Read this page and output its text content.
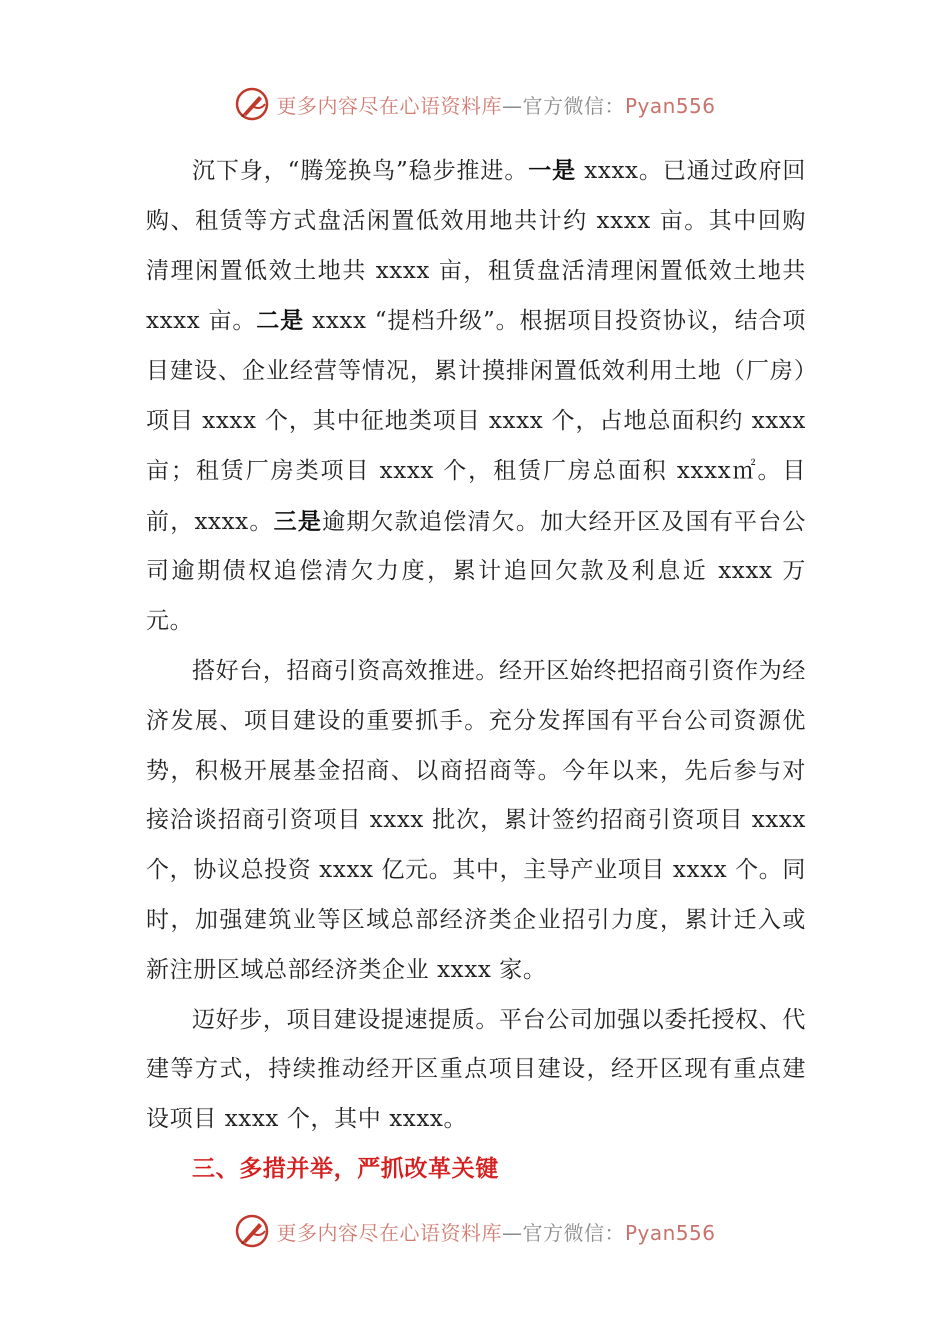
更多内容尽在心语资料库—官方微信：Pyan556

沉下身，“腾笼换鸟”稳步推进。一是 xxxx。已通过政府回购、租赁等方式盘活闲置低效用地共计约 xxxx 亩。其中回购清理闲置低效土地共 xxxx 亩，租赁盘活清理闲置低效土地共 xxxx 亩。二是 xxxx “提档升级”。根据项目投资协议，结合项目建设、企业经营等情况，累计摸排闲置低效利用土地（厂房）项目 xxxx 个，其中征地类项目 xxxx 个，占地总面积约 xxxx 亩；租赁厂房类项目 xxxx 个，租赁厂房总面积 xxxx㎡。目前，xxxx。三是逾期欠款追偿清欠。加大经开区及国有平台公司逾期债权追偿清欠力度，累计追回欠款及利息近 xxxx 万元。

搭好台，招商引资高效推进。经开区始终把招商引资作为经济发展、项目建设的重要抓手。充分发挥国有平台公司资源优势，积极开展基金招商、以商招商等。今年以来，先后参与对接洽谈招商引资项目 xxxx 批次，累计签约招商引资项目 xxxx 个，协议总投资 xxxx 亿元。其中，主导产业项目 xxxx 个。同时，加强建筑业等区域总部经济类企业招引力度，累计迁入或新注册区域总部经济类企业 xxxx 家。

迈好步，项目建设提速提质。平台公司加强以委托授权、代建等方式，持续推动经开区重点项目建设，经开区现有重点建设项目 xxxx 个，其中 xxxx。

三、多措并举，严抓改革关键

更多内容尽在心语资料库—官方微信：Pyan556
